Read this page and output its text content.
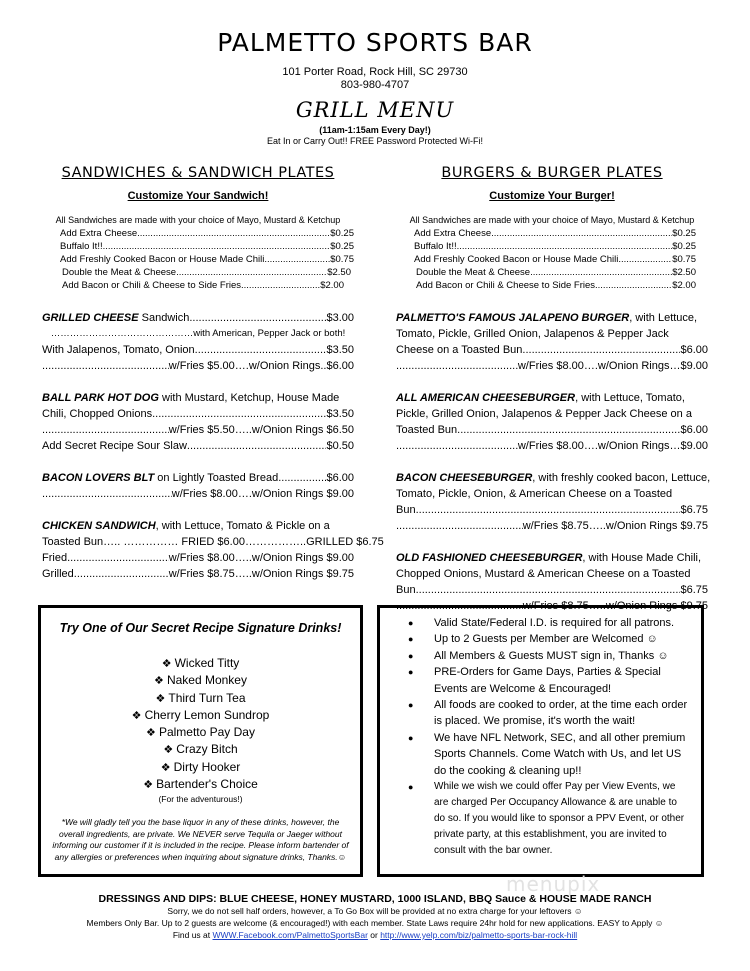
PALMETTO SPORTS BAR
101 Porter Road, Rock Hill, SC 29730
803-980-4707
GRILL MENU
(11am-1:15am Every Day!)
Eat In or Carry Out!! FREE Password Protected Wi-Fi!
SANDWICHES & SANDWICH PLATES
Customize Your Sandwich!
All Sandwiches are made with your choice of Mayo, Mustard & Ketchup
Add Extra Cheese .....	$0.25
Buffalo It!! .....	$0.25
Add Freshly Cooked Bacon or House Made Chili .....	$0.75
Double the Meat & Cheese .....	$2.50
Add Bacon or Chili & Cheese to Side Fries .....	$2.00
GRILLED CHEESE Sandwich .....	$3.00
………………………………………with American, Pepper Jack or both!
With Jalapenos, Tomato, Onion .....	$3.50
.....
w/Fries $5.00….w/Onion Rings..$6.00
BALL PARK HOT DOG with Mustard, Ketchup, House Made
Chili, Chopped Onions .....	$3.50
.....
w/Fries $5.50…..w/Onion Rings $6.50
Add Secret Recipe Sour Slaw .....	$0.50
BACON LOVERS BLT on Lightly Toasted Bread .....	$6.00
.....
w/Fries $8.00….w/Onion Rings $9.00
CHICKEN SANDWICH, with Lettuce, Tomato & Pickle on a
Toasted Bun….. …………… FRIED $6.00……………..GRILLED $6.75
Fried .....	w/Fries $8.00…..w/Onion Rings $9.00
Grilled .....	w/Fries $8.75…..w/Onion Rings $9.75
BURGERS & BURGER PLATES
Customize Your Burger!
All Sandwiches are made with your choice of Mayo, Mustard & Ketchup
Add Extra Cheese .....	$0.25
Buffalo It!! .....	$0.25
Add Freshly Cooked Bacon or House Made Chili .....	$0.75
Double the Meat & Cheese .....	$2.50
Add Bacon or Chili & Cheese to Side Fries .....	$2.00
PALMETTO'S FAMOUS JALAPENO BURGER, with Lettuce,
Tomato, Pickle, Grilled Onion, Jalapenos & Pepper Jack
Cheese on a Toasted Bun .....	$6.00
.....
w/Fries $8.00….w/Onion Rings…$9.00
ALL AMERICAN CHEESEBURGER, with Lettuce, Tomato,
Pickle, Grilled Onion, Jalapenos & Pepper Jack Cheese on a
Toasted Bun .....	$6.00
.....
w/Fries $8.00….w/Onion Rings…$9.00
BACON CHEESEBURGER, with freshly cooked bacon, Lettuce,
Tomato, Pickle, Onion, & American Cheese on a Toasted
Bun .....	$6.75
.....
w/Fries $8.75…..w/Onion Rings $9.75
OLD FASHIONED CHEESEBURGER, with House Made Chili,
Chopped Onions, Mustard & American Cheese on a Toasted
Bun .....	$6.75
.....
w/Fries $8.75…..w/Onion Rings $9.75
Try One of Our Secret Recipe Signature Drinks!
❖ Wicked Titty
❖ Naked Monkey
❖ Third Turn Tea
❖ Cherry Lemon Sundrop
❖ Palmetto Pay Day
❖ Crazy Bitch
❖ Dirty Hooker
❖ Bartender's Choice
(For the adventurous!)
*We will gladly tell you the base liquor in any of these drinks, however, the overall ingredients, are private. We NEVER serve Tequila or Jaeger without informing our customer if it is included in the recipe. Please inform bartender of any allergies or preferences when inquiring about signature drinks, Thanks.☺
● Valid State/Federal I.D. is required for all patrons.
● Up to 2 Guests per Member are Welcomed ☺
● All Members & Guests MUST sign in, Thanks ☺
● PRE-Orders for Game Days, Parties & Special Events are Welcome & Encouraged!
● All foods are cooked to order, at the time each order is placed. We promise, it's worth the wait!
● We have NFL Network, SEC, and all other premium Sports Channels. Come Watch with Us, and let US do the cooking & cleaning up!!
● While we wish we could offer Pay per View Events, we are charged Per Occupancy Allowance & are unable to do so. If you would like to sponsor a PPV Event, or other private party, at this establishment, you are invited to consult with the bar owner.
menupix
DRESSINGS AND DIPS: BLUE CHEESE, HONEY MUSTARD, 1000 ISLAND, BBQ Sauce & HOUSE MADE RANCH
Sorry, we do not sell half orders, however, a To Go Box will be provided at no extra charge for your leftovers ☺
Members Only Bar. Up to 2 guests are welcome (& encouraged!) with each member. State Laws require 24hr hold for new applications. EASY to Apply ☺
Find us at WWW.Facebook.com/PalmettoSportsBar or http://www.yelp.com/biz/palmetto-sports-bar-rock-hill
